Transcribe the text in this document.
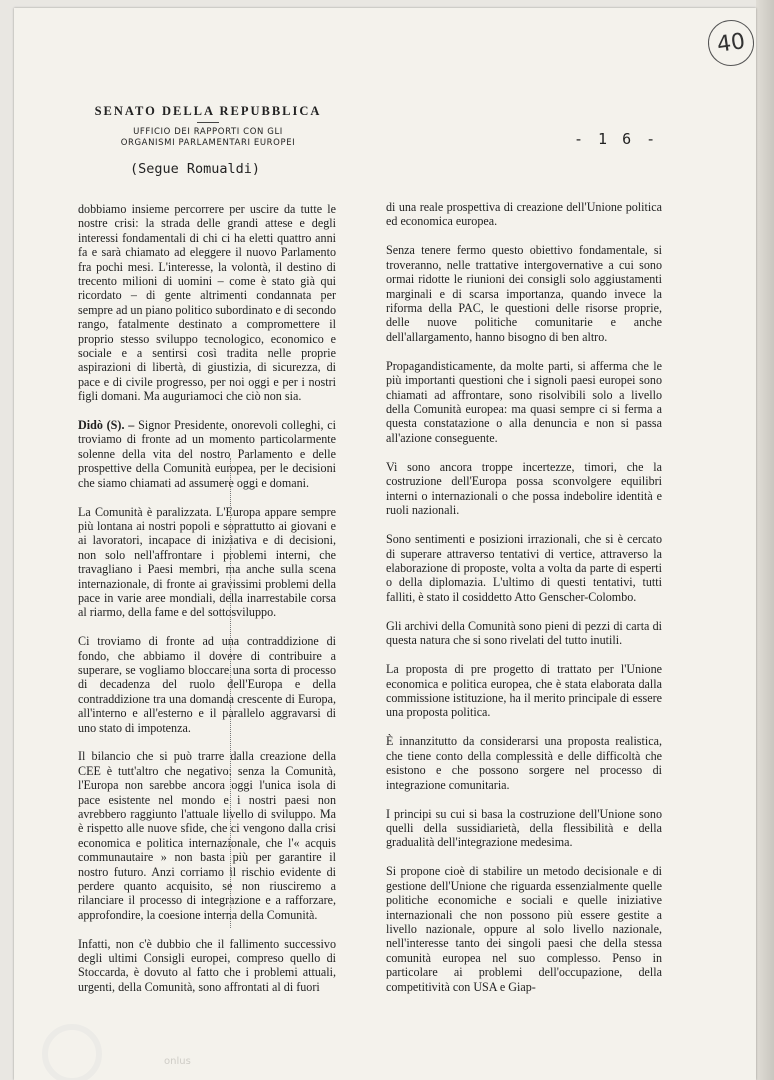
40
SENATO DELLA REPUBBLICA
UFFICIO DEI RAPPORTI CON GLI
ORGANISMI PARLAMENTARI EUROPEI	- 1 6 -
(Segue Romualdi)

dobbiamo insieme percorrere per uscire da tutte le nostre crisi: la strada delle grandi attese e degli interessi fondamentali di chi ci ha eletti quattro anni fa e sarà chiamato ad eleggere il nuovo Parlamento fra pochi mesi. L'interesse, la volontà, il destino di trecento milioni di uomini – come è stato già qui ricordato – di gente altrimenti condannata per sempre ad un piano politico subordinato e di secondo rango, fatalmente destinato a compromettere il proprio stesso sviluppo tecnologico, economico e sociale e a sentirsi così tradita nelle proprie aspirazioni di libertà, di giustizia, di sicurezza, di pace e di civile progresso, per noi oggi e per i nostri figli domani. Ma auguriamoci che ciò non sia.

Didò (S). – Signor Presidente, onorevoli colleghi, ci troviamo di fronte ad un momento particolarmente solenne della vita del nostro Parlamento e delle prospettive della Comunità europea, per le decisioni che siamo chiamati ad assumere oggi e domani.

La Comunità è paralizzata. L'Europa appare sempre più lontana ai nostri popoli e soprattutto ai giovani e ai lavoratori, incapace di iniziativa e di decisioni, non solo nell'affrontare i problemi interni, che travagliano i Paesi membri, ma anche sulla scena internazionale, di fronte ai gravissimi problemi della pace in varie aree mondiali, della inarrestabile corsa al riarmo, della fame e del sottosviluppo.

Ci troviamo di fronte ad una contraddizione di fondo, che abbiamo il dovere di contribuire a superare, se vogliamo bloccare una sorta di processo di decadenza del ruolo dell'Europa e della contraddizione tra una domanda crescente di Europa, all'interno e all'esterno e il parallelo aggravarsi di uno stato di impotenza.

Il bilancio che si può trarre dalla creazione della CEE è tutt'altro che negativo: senza la Comunità, l'Europa non sarebbe ancora oggi l'unica isola di pace esistente nel mondo e i nostri paesi non avrebbero raggiunto l'attuale livello di sviluppo. Ma è rispetto alle nuove sfide, che ci vengono dalla crisi economica e politica internazionale, che l'« acquis communautaire » non basta più per garantire il nostro futuro. Anzi corriamo il rischio evidente di perdere quanto acquisito, se non riusciremo a rilanciare il processo di integrazione e a rafforzare, approfondire, la coesione interna della Comunità.

Infatti, non c'è dubbio che il fallimento successivo degli ultimi Consigli europei, compreso quello di Stoccarda, è dovuto al fatto che i problemi attuali, urgenti, della Comunità, sono affrontati al di fuori

di una reale prospettiva di creazione dell'Unione politica ed economica europea.

Senza tenere fermo questo obiettivo fondamentale, si troveranno, nelle trattative intergovernative a cui sono ormai ridotte le riunioni dei consigli solo aggiustamenti marginali e di scarsa importanza, quando invece la riforma della PAC, le questioni delle risorse proprie, delle nuove politiche comunitarie e anche dell'allargamento, hanno bisogno di ben altro.

Propagandisticamente, da molte parti, si afferma che le più importanti questioni che i signoli paesi europei sono chiamati ad affrontare, sono risolvibili solo a livello della Comunità europea: ma quasi sempre ci si ferma a questa constatazione o alla denuncia e non si passa all'azione conseguente.

Vi sono ancora troppe incertezze, timori, che la costruzione dell'Europa possa sconvolgere equilibri interni o internazionali o che possa indebolire identità e ruoli nazionali.

Sono sentimenti e posizioni irrazionali, che si è cercato di superare attraverso tentativi di vertice, attraverso la elaborazione di proposte, volta a volta da parte di esperti o della diplomazia. L'ultimo di questi tentativi, tutti falliti, è stato il cosiddetto Atto Genscher-Colombo.

Gli archivi della Comunità sono pieni di pezzi di carta di questa natura che si sono rivelati del tutto inutili.

La proposta di pre progetto di trattato per l'Unione economica e politica europea, che è stata elaborata dalla commissione istituzione, ha il merito principale di essere una proposta politica.

È innanzitutto da considerarsi una proposta realistica, che tiene conto della complessità e delle difficoltà che esistono e che possono sorgere nel processo di integrazione comunitaria.

I principi su cui si basa la costruzione dell'Unione sono quelli della sussidiarietà, della flessibilità e della gradualità dell'integrazione medesima.

Si propone cioè di stabilire un metodo decisionale e di gestione dell'Unione che riguarda essenzialmente quelle politiche economiche e sociali e quelle iniziative internazionali che non possono più essere gestite a livello nazionale, oppure al solo livello nazionale, nell'interesse tanto dei singoli paesi che della stessa comunità europea nel suo complesso. Penso in particolare ai problemi dell'occupazione, della competitività con USA e Giap-

onlus
